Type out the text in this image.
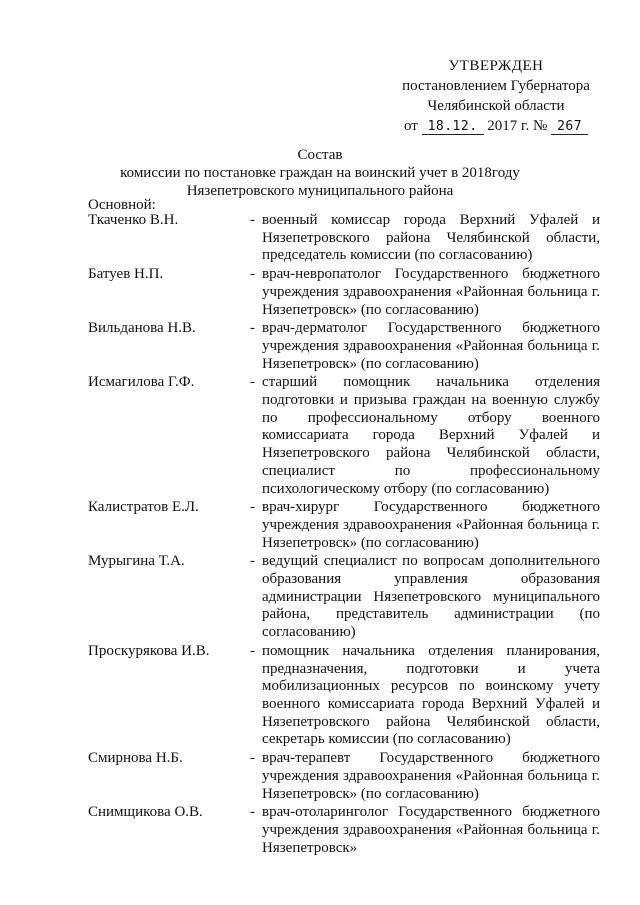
УТВЕРЖДЕН
постановлением Губернатора
Челябинской области
от 18.12. 2017 г. № 267
Состав
комиссии по постановке граждан на воинский учет в 2018году
Нязепетровского муниципального района
Основной:
Ткаченко В.Н.	- военный комиссар города Верхний Уфалей и Нязепетровского района Челябинской области, председатель комиссии (по согласованию)
Батуев Н.П.	- врач-невропатолог Государственного бюджетного учреждения здравоохранения «Районная больница г. Нязепетровск» (по согласованию)
Вильданова Н.В.	- врач-дерматолог Государственного бюджетного учреждения здравоохранения «Районная больница г. Нязепетровск» (по согласованию)
Исмагилова Г.Ф.	- старший помощник начальника отделения подготовки и призыва граждан на военную службу по профессиональному отбору военного комиссариата города Верхний Уфалей и Нязепетровского района Челябинской области, специалист по профессиональному психологическому отбору (по согласованию)
Калистратов Е.Л.	- врач-хирург Государственного бюджетного учреждения здравоохранения «Районная больница г. Нязепетровск» (по согласованию)
Мурыгина Т.А.	- ведущий специалист по вопросам дополнительного образования управления образования администрации Нязепетровского муниципального района, представитель администрации (по согласованию)
Проскурякова И.В.	- помощник начальника отделения планирования, предназначения, подготовки и учета мобилизационных ресурсов по воинскому учету военного комиссариата города Верхний Уфалей и Нязепетровского района Челябинской области, секретарь комиссии (по согласованию)
Смирнова Н.Б.	- врач-терапевт Государственного бюджетного учреждения здравоохранения «Районная больница г. Нязепетровск» (по согласованию)
Снимщикова О.В.	- врач-отоларинголог Государственного бюджетного учреждения здравоохранения «Районная больница г. Нязепетровск»
